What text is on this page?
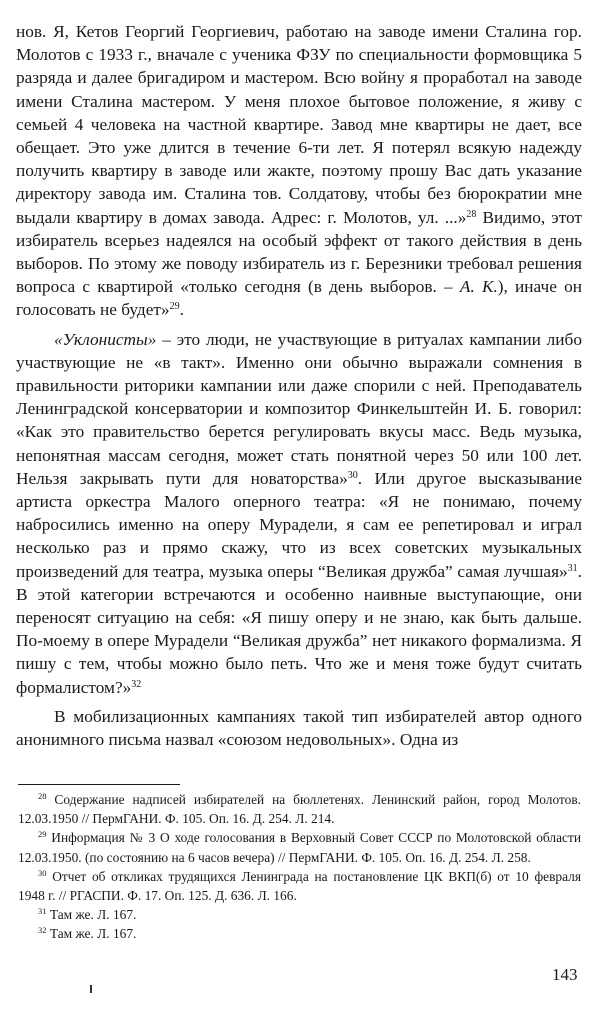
нов. Я, Кетов Георгий Георгиевич, работаю на заводе имени Сталина гор. Молотов с 1933 г., вначале с ученика ФЗУ по специальности формовщика 5 разряда и далее бригадиром и мастером. Всю войну я проработал на заводе имени Сталина мастером. У меня плохое бытовое положение, я живу с семьей 4 человека на частной квартире. Завод мне квартиры не дает, все обещает. Это уже длится в течение 6-ти лет. Я потерял всякую надежду получить квартиру в заводе или жакте, поэтому прошу Вас дать указание директору завода им. Сталина тов. Солдатову, чтобы без бюрократии мне выдали квартиру в домах завода. Адрес: г. Молотов, ул. ...»$^{28}$ Видимо, этот избиратель всерьез надеялся на особый эффект от такого действия в день выборов. По этому же поводу избиратель из г. Березники требовал решения вопроса с квартирой «только сегодня (в день выборов. – А. К.), иначе он голосовать не будет»$^{29}$.

«Уклонисты» – это люди, не участвующие в ритуалах кампании либо участвующие не «в такт». Именно они обычно выражали сомнения в правильности риторики кампании или даже спорили с ней. Преподаватель Ленинградской консерватории и композитор Финкельштейн И. Б. говорил: «Как это правительство берется регулировать вкусы масс. Ведь музыка, непонятная массам сегодня, может стать понятной через 50 или 100 лет. Нельзя закрывать пути для новаторства»$^{30}$. Или другое высказывание артиста оркестра Малого оперного театра: «Я не понимаю, почему набросились именно на оперу Мурадели, я сам ее репетировал и играл несколько раз и прямо скажу, что из всех советских музыкальных произведений для театра, музыка оперы “Великая дружба” самая лучшая»$^{31}$. В этой категории встречаются и особенно наивные выступающие, они переносят ситуацию на себя: «Я пишу оперу и не знаю, как быть дальше. По-моему в опере Мурадели “Великая дружба” нет никакого формализма. Я пишу с тем, чтобы можно было петь. Что же и меня тоже будут считать формалистом?»$^{32}$

В мобилизационных кампаниях такой тип избирателей автор одного анонимного письма назвал «союзом недовольных». Одна из

$^{28}$ Содержание надписей избирателей на бюллетенях. Ленинский район, город Молотов. 12.03.1950 // ПермГАНИ. Ф. 105. Оп. 16. Д. 254. Л. 214.

$^{29}$ Информация № 3 О ходе голосования в Верховный Совет СССР по Молотовской области 12.03.1950. (по состоянию на 6 часов вечера) // ПермГАНИ. Ф. 105. Оп. 16. Д. 254. Л. 258.

$^{30}$ Отчет об откликах трудящихся Ленинграда на постановление ЦК ВКП(б) от 10 февраля 1948 г. // РГАСПИ. Ф. 17. Оп. 125. Д. 636. Л. 166.

$^{31}$ Там же. Л. 167.

$^{32}$ Там же. Л. 167.

143
